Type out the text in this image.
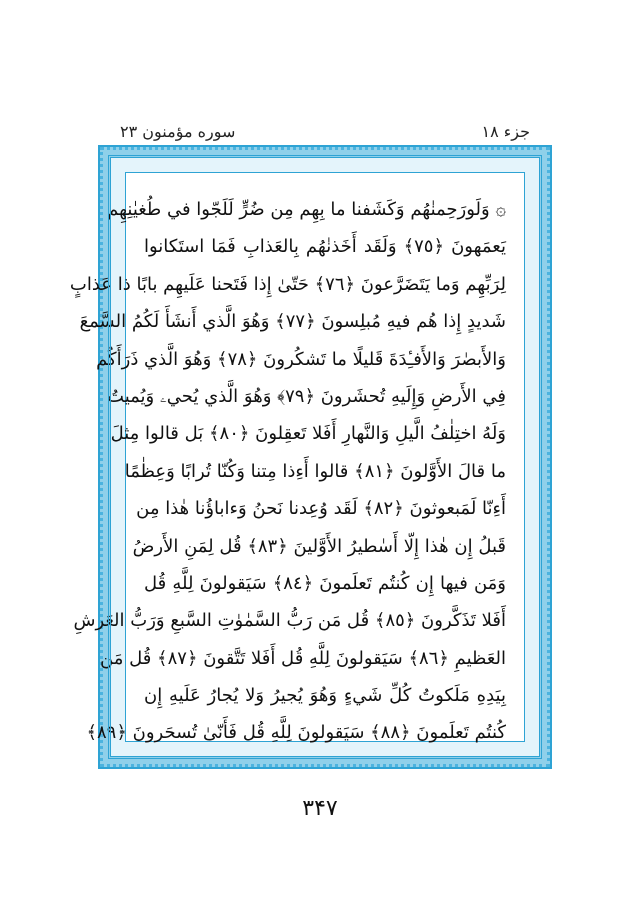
جزء ۱۸
سوره مؤمنون ۲۳
۞ وَلَورَحِمنٰهُم وَكَشَفنا ما بِهِم مِن ضُرٍّ لَلَجّوا في طُغيٰنِهِم
يَعمَهونَ ﴿٧٥﴾ وَلَقَد أَخَذنٰهُم بِالعَذابِ فَمَا استَكانوا
لِرَبِّهِم وَما يَتَضَرَّعونَ ﴿٧٦﴾ حَتّىٰ إِذا فَتَحنا عَلَيهِم بابًا ذا عَذابٍ
شَديدٍ إِذا هُم فيهِ مُبلِسونَ ﴿٧٧﴾ وَهُوَ الَّذي أَنشَأَ لَكُمُ السَّمعَ
وَالأَبصٰرَ وَالأَفـِٔدَةَ قَليلًا ما تَشكُرونَ ﴿٧٨﴾ وَهُوَ الَّذي ذَرَأَكُم
فِي الأَرضِ وَإِلَيهِ تُحشَرونَ ﴿٧٩﴾ وَهُوَ الَّذي يُحيۦ وَيُميتُ
وَلَهُ اختِلٰفُ الَّيلِ وَالنَّهارِ أَفَلا تَعقِلونَ ﴿٨٠﴾ بَل قالوا مِثلَ
ما قالَ الأَوَّلونَ ﴿٨١﴾ قالوا أَءِذا مِتنا وَكُنّا تُرابًا وَعِظٰمًا
أَءِنّا لَمَبعوثونَ ﴿٨٢﴾ لَقَد وُعِدنا نَحنُ وَءاباؤُنا هٰذا مِن
قَبلُ إِن هٰذا إِلّا أَسٰطيرُ الأَوَّلينَ ﴿٨٣﴾ قُل لِمَنِ الأَرضُ
وَمَن فيها إِن كُنتُم تَعلَمونَ ﴿٨٤﴾ سَيَقولونَ لِلَّهِ قُل
أَفَلا تَذَكَّرونَ ﴿٨٥﴾ قُل مَن رَبُّ السَّمٰوٰتِ السَّبعِ وَرَبُّ العَرشِ
العَظيمِ ﴿٨٦﴾ سَيَقولونَ لِلَّهِ قُل أَفَلا تَتَّقونَ ﴿٨٧﴾ قُل مَن
بِيَدِهِ مَلَكوتُ كُلِّ شَيءٍ وَهُوَ يُجيرُ وَلا يُجارُ عَلَيهِ إِن
كُنتُم تَعلَمونَ ﴿٨٨﴾ سَيَقولونَ لِلَّهِ قُل فَأَنّىٰ تُسحَرونَ ﴿٨٩﴾
۳۴۷
